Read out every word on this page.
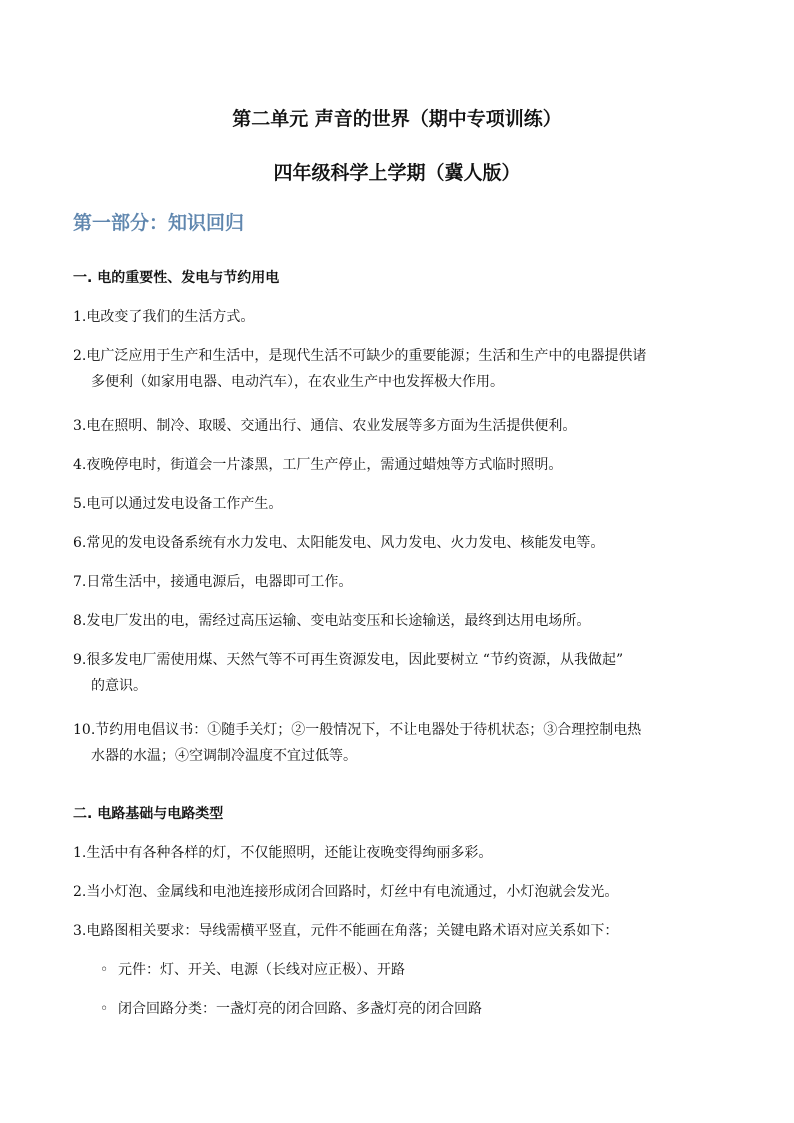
第二单元 声音的世界（期中专项训练）
四年级科学上学期（冀人版）
第一部分：知识回归
一. 电的重要性、发电与节约用电
1.电改变了我们的生活方式。
2.电广泛应用于生产和生活中，是现代生活不可缺少的重要能源；生活和生产中的电器提供诸
多便利（如家用电器、电动汽车），在农业生产中也发挥极大作用。
3.电在照明、制冷、取暖、交通出行、通信、农业发展等多方面为生活提供便利。
4.夜晚停电时，街道会一片漆黑，工厂生产停止，需通过蜡烛等方式临时照明。
5.电可以通过发电设备工作产生。
6.常见的发电设备系统有水力发电、太阳能发电、风力发电、火力发电、核能发电等。
7.日常生活中，接通电源后，电器即可工作。
8.发电厂发出的电，需经过高压运输、变电站变压和长途输送，最终到达用电场所。
9.很多发电厂需使用煤、天然气等不可再生资源发电，因此要树立 “节约资源，从我做起”
的意识。
10.节约用电倡议书：①随手关灯；②一般情况下，不让电器处于待机状态；③合理控制电热
水器的水温；④空调制冷温度不宜过低等。
二. 电路基础与电路类型
1.生活中有各种各样的灯，不仅能照明，还能让夜晚变得绚丽多彩。
2.当小灯泡、金属线和电池连接形成闭合回路时，灯丝中有电流通过，小灯泡就会发光。
3.电路图相关要求：导线需横平竖直，元件不能画在角落；关键电路术语对应关系如下：
◦ 元件：灯、开关、电源（长线对应正极）、开路
◦ 闭合回路分类：一盏灯亮的闭合回路、多盏灯亮的闭合回路
